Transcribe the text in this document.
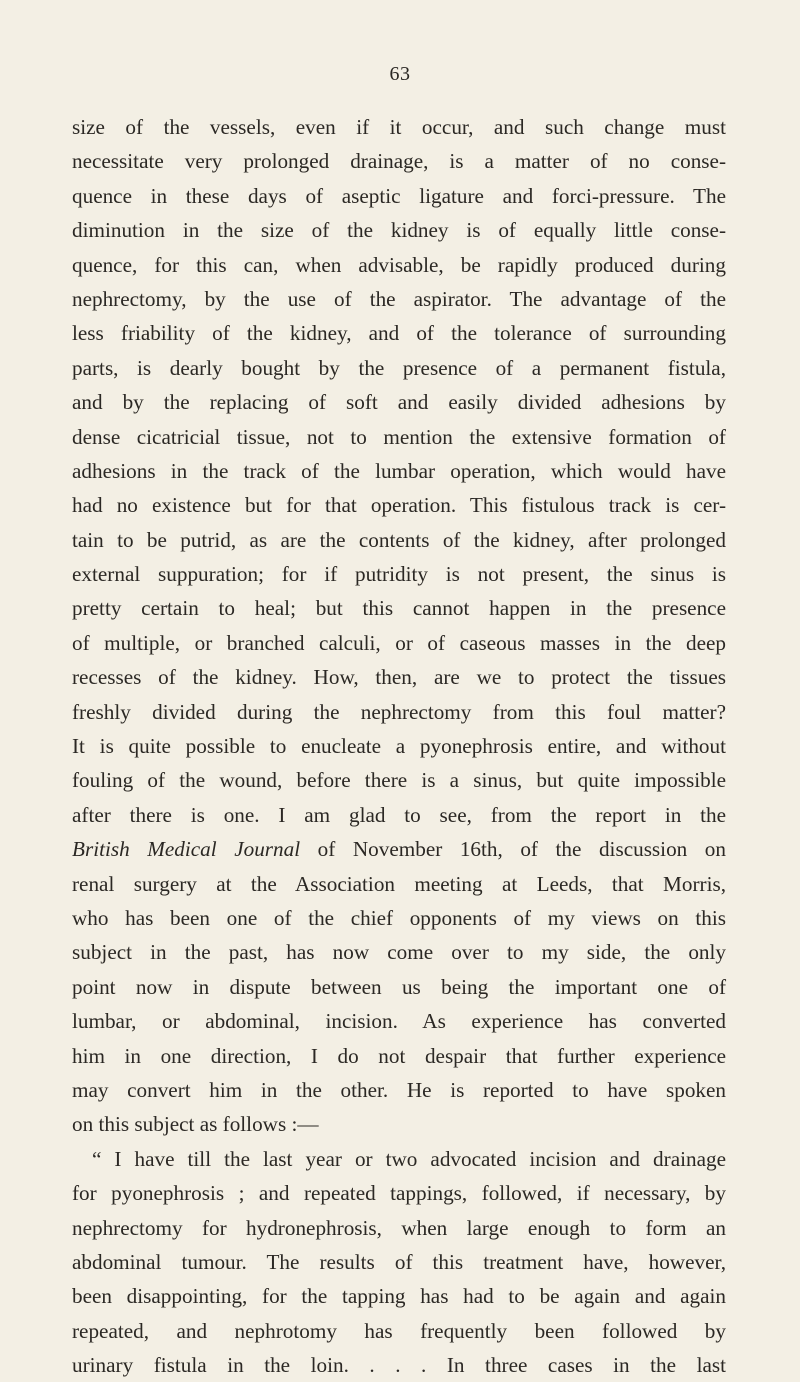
63
size of the vessels, even if it occur, and such change must
necessitate very prolonged drainage, is a matter of no conse-
quence in these days of aseptic ligature and forci-pressure. The
diminution in the size of the kidney is of equally little conse-
quence, for this can, when advisable, be rapidly produced during
nephrectomy, by the use of the aspirator. The advantage of the
less friability of the kidney, and of the tolerance of surrounding
parts, is dearly bought by the presence of a permanent fistula,
and by the replacing of soft and easily divided adhesions by
dense cicatricial tissue, not to mention the extensive formation of
adhesions in the track of the lumbar operation, which would have
had no existence but for that operation. This fistulous track is cer-
tain to be putrid, as are the contents of the kidney, after prolonged
external suppuration; for if putridity is not present, the sinus is
pretty certain to heal; but this cannot happen in the presence
of multiple, or branched calculi, or of caseous masses in the deep
recesses of the kidney. How, then, are we to protect the tissues
freshly divided during the nephrectomy from this foul matter?
It is quite possible to enucleate a pyonephrosis entire, and without
fouling of the wound, before there is a sinus, but quite impossible
after there is one. I am glad to see, from the report in the
British Medical Journal of November 16th, of the discussion on
renal surgery at the Association meeting at Leeds, that Morris,
who has been one of the chief opponents of my views on this
subject in the past, has now come over to my side, the only
point now in dispute between us being the important one of
lumbar, or abdominal, incision. As experience has converted
him in one direction, I do not despair that further experience
may convert him in the other. He is reported to have spoken
on this subject as follows :—
“ I have till the last year or two advocated incision and drainage
for pyonephrosis ; and repeated tappings, followed, if necessary, by
nephrectomy for hydronephrosis, when large enough to form an
abdominal tumour. The results of this treatment have, however,
been disappointing, for the tapping has had to be again and again
repeated, and nephrotomy has frequently been followed by
urinary fistula in the loin. . . . In three cases in the last
